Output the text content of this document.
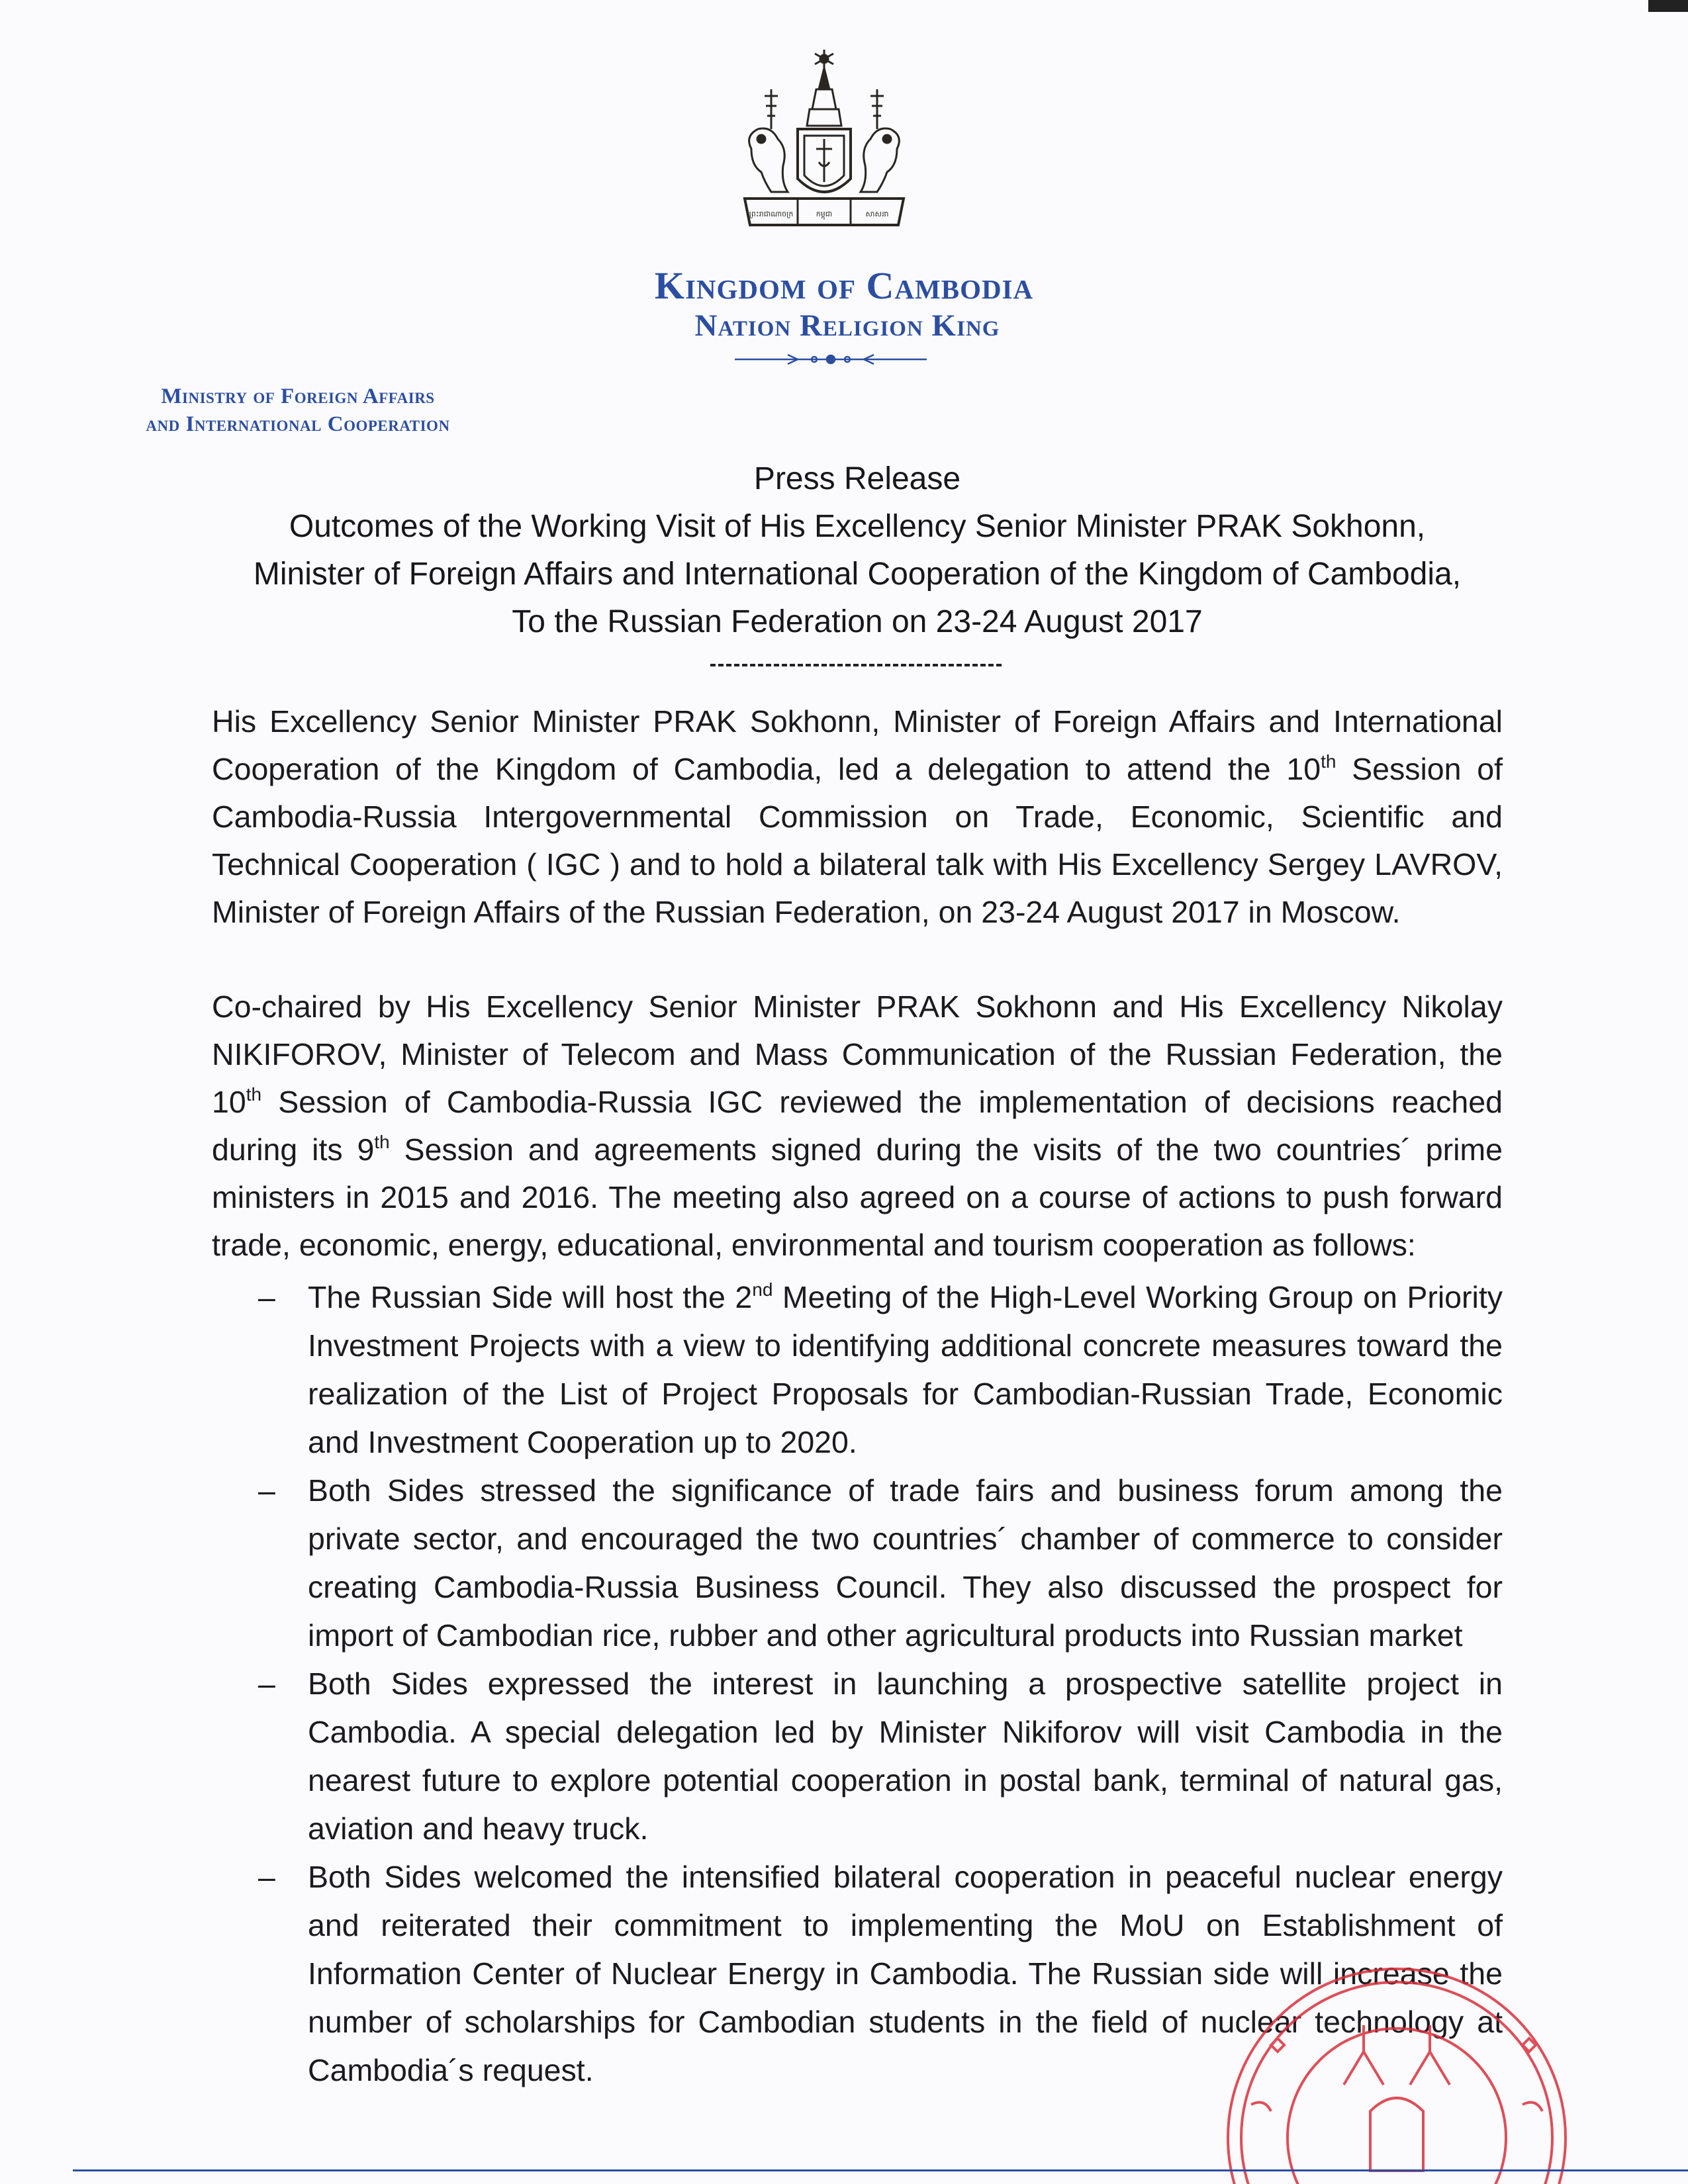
ព្រះរាជាណាចក្រ	កម្ពុជា	សាសនា
Kingdom of Cambodia
Nation Religion King
Ministry of Foreign Affairs
and International Cooperation
Press Release
Outcomes of the Working Visit of His Excellency Senior Minister PRAK Sokhonn,
Minister of Foreign Affairs and International Cooperation of the Kingdom of Cambodia,
To the Russian Federation on 23-24 August 2017

His Excellency Senior Minister PRAK Sokhonn, Minister of Foreign Affairs and International Cooperation of the Kingdom of Cambodia, led a delegation to attend the 10th Session of Cambodia-Russia Intergovernmental Commission on Trade, Economic, Scientific and Technical Cooperation ( IGC ) and to hold a bilateral talk with His Excellency Sergey LAVROV, Minister of Foreign Affairs of the Russian Federation, on 23-24 August 2017 in Moscow.

Co-chaired by His Excellency Senior Minister PRAK Sokhonn and His Excellency Nikolay NIKIFOROV, Minister of Telecom and Mass Communication of the Russian Federation, the 10th Session of Cambodia-Russia IGC reviewed the implementation of decisions reached during its 9th Session and agreements signed during the visits of the two countries´ prime ministers in 2015 and 2016. The meeting also agreed on a course of actions to push forward trade, economic, energy, educational, environmental and tourism cooperation as follows:

– The Russian Side will host the 2nd Meeting of the High-Level Working Group on Priority Investment Projects with a view to identifying additional concrete measures toward the realization of the List of Project Proposals for Cambodian-Russian Trade, Economic and Investment Cooperation up to 2020.
– Both Sides stressed the significance of trade fairs and business forum among the private sector, and encouraged the two countries´ chamber of commerce to consider creating Cambodia-Russia Business Council. They also discussed the prospect for import of Cambodian rice, rubber and other agricultural products into Russian market
– Both Sides expressed the interest in launching a prospective satellite project in Cambodia. A special delegation led by Minister Nikiforov will visit Cambodia in the nearest future to explore potential cooperation in postal bank, terminal of natural gas, aviation and heavy truck.
– Both Sides welcomed the intensified bilateral cooperation in peaceful nuclear energy and reiterated their commitment to implementing the MoU on Establishment of Information Center of Nuclear Energy in Cambodia. The Russian side will increase the number of scholarships for Cambodian students in the field of nuclear technology at Cambodia´s request.
